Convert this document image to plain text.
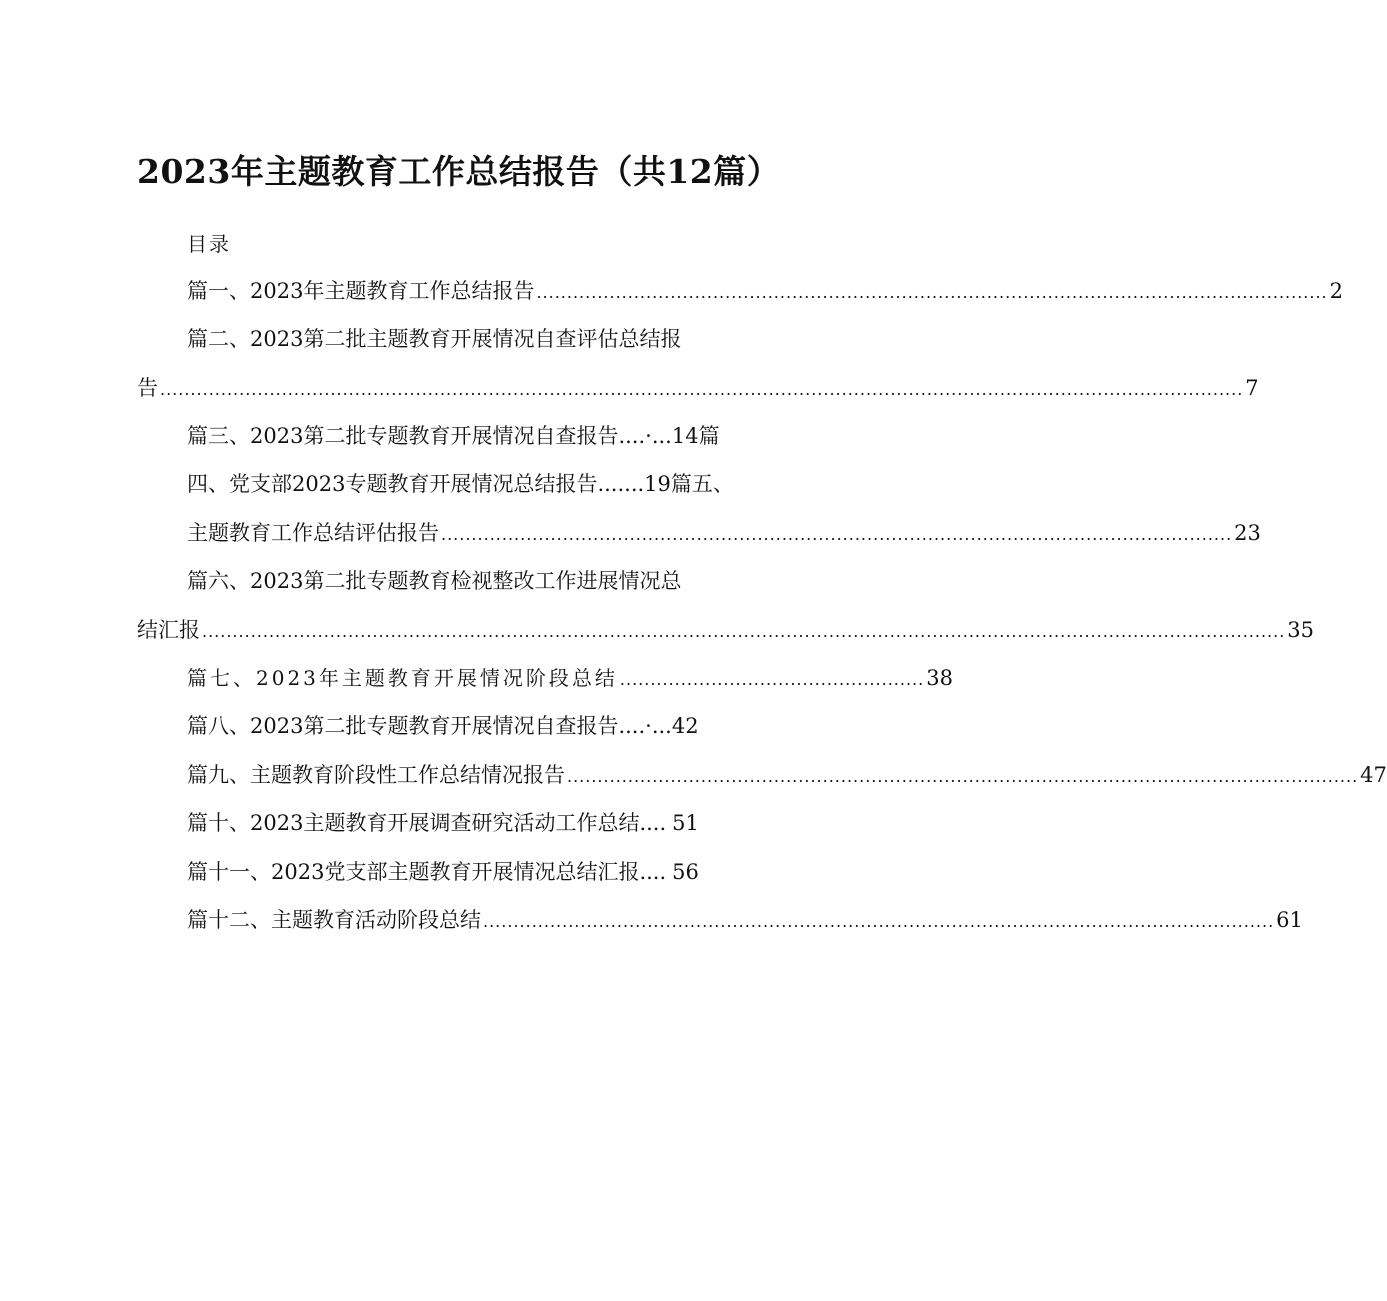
2023年主题教育工作总结报告（共12篇）
目录
篇一、2023年主题教育工作总结报告 .................................................................................................................................. 2
篇二、2023第二批主题教育开展情况自查评估总结报
告 .................................................................................................................................................................................. 7
篇三、2023第二批专题教育开展情况自查报告....·...14篇
四、党支部2023专题教育开展情况总结报告.......19篇五、
主题教育工作总结评估报告 .................................................................................................................................. 23
篇六、2023第二批专题教育检视整改工作进展情况总
结汇报 .................................................................................................................................................................................. 35
篇七、2023年主题教育开展情况阶段总结 .................................................. 38
篇八、2023第二批专题教育开展情况自查报告....·...42
篇九、主题教育阶段性工作总结情况报告 .................................................................................................................................. 47
篇十、2023主题教育开展调查研究活动工作总结.... 51
篇十一、2023党支部主题教育开展情况总结汇报.... 56
篇十二、主题教育活动阶段总结 .................................................................................................................................. 61
